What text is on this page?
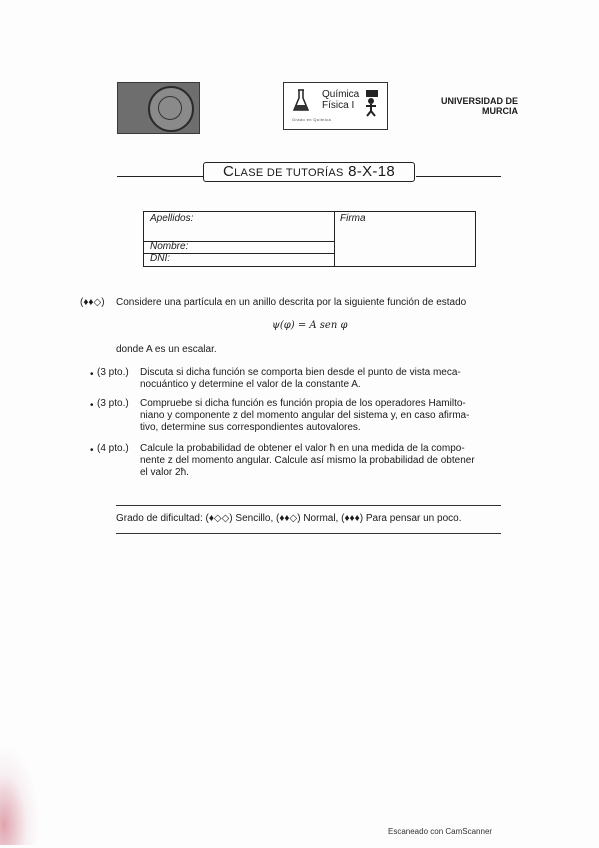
Química
Física I
Grado en Química
UNIVERSIDAD DE
MURCIA
CLASE DE TUTORÍAS 8-X-18
Apellidos:	Firma
Nombre:
DNI:
(♦♦◇) Considere una partícula en un anillo descrita por la siguiente función de estado
ψ(φ) = A sen φ
donde A es un escalar.
• (3 pto.) Discuta si dicha función se comporta bien desde el punto de vista meca-
nocuántico y determine el valor de la constante A.
• (3 pto.) Compruebe si dicha función es función propia de los operadores Hamilto-
niano y componente z del momento angular del sistema y, en caso afirma-
tivo, determine sus correspondientes autovalores.
• (4 pto.) Calcule la probabilidad de obtener el valor ħ en una medida de la compo-
nente z del momento angular. Calcule así mismo la probabilidad de obtener
el valor 2ħ.
Grado de dificultad: (♦◇◇) Sencillo, (♦♦◇) Normal, (♦♦♦) Para pensar un poco.
Escaneado con CamScanner
